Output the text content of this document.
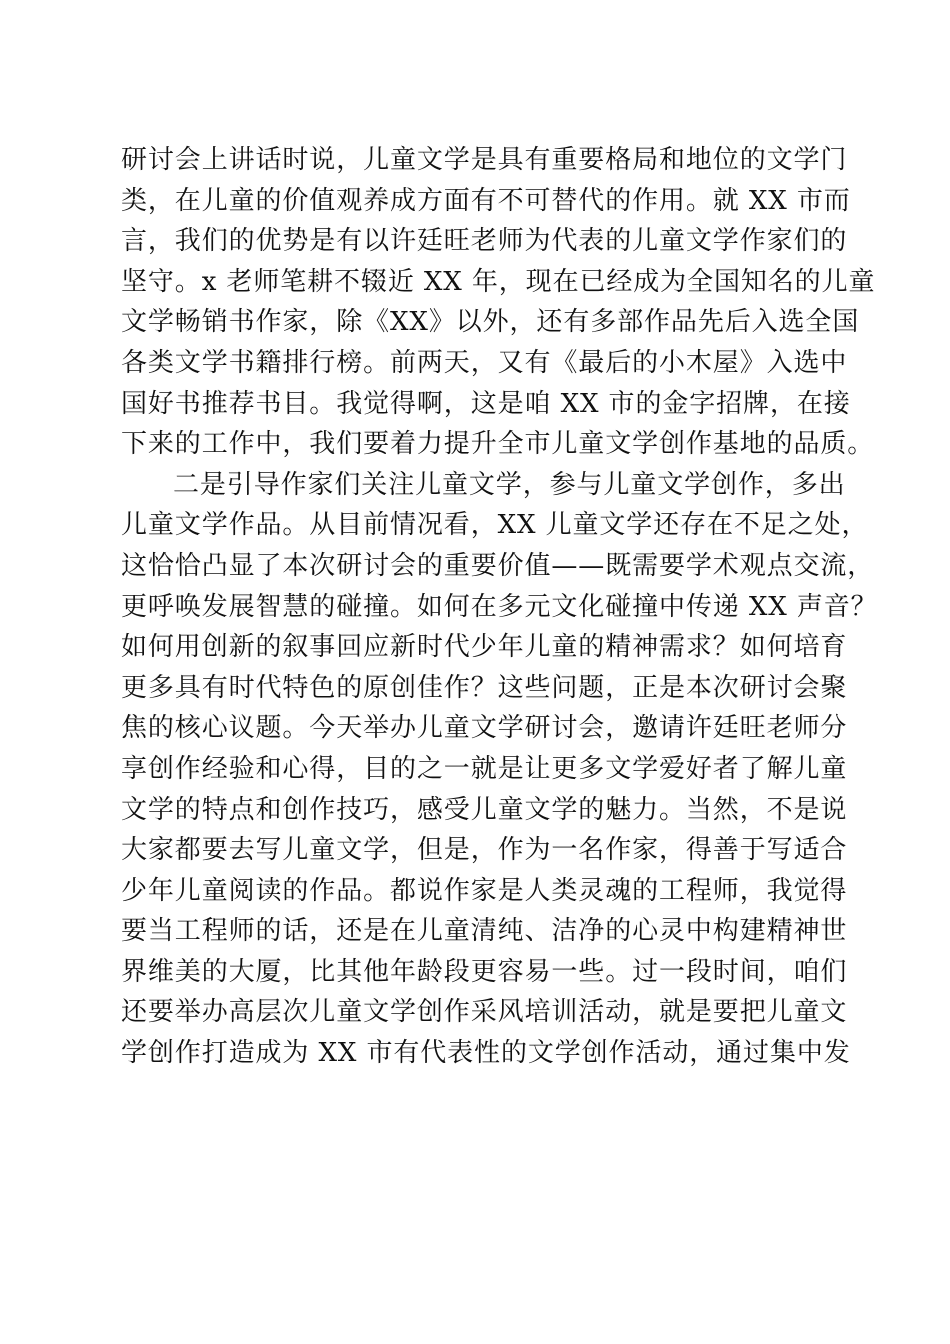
研讨会上讲话时说，儿童文学是具有重要格局和地位的文学门
类，在儿童的价值观养成方面有不可替代的作用。就 XX 市而
言，我们的优势是有以许廷旺老师为代表的儿童文学作家们的
坚守。x 老师笔耕不辍近 XX 年，现在已经成为全国知名的儿童
文学畅销书作家，除《XX》以外，还有多部作品先后入选全国
各类文学书籍排行榜。前两天，又有《最后的小木屋》入选中
国好书推荐书目。我觉得啊，这是咱 XX 市的金字招牌，在接
下来的工作中，我们要着力提升全市儿童文学创作基地的品质。
二是引导作家们关注儿童文学，参与儿童文学创作，多出
儿童文学作品。从目前情况看，XX 儿童文学还存在不足之处，
这恰恰凸显了本次研讨会的重要价值——既需要学术观点交流，
更呼唤发展智慧的碰撞。如何在多元文化碰撞中传递 XX 声音？
如何用创新的叙事回应新时代少年儿童的精神需求？如何培育
更多具有时代特色的原创佳作？这些问题，正是本次研讨会聚
焦的核心议题。今天举办儿童文学研讨会，邀请许廷旺老师分
享创作经验和心得，目的之一就是让更多文学爱好者了解儿童
文学的特点和创作技巧，感受儿童文学的魅力。当然，不是说
大家都要去写儿童文学，但是，作为一名作家，得善于写适合
少年儿童阅读的作品。都说作家是人类灵魂的工程师，我觉得
要当工程师的话，还是在儿童清纯、洁净的心灵中构建精神世
界维美的大厦，比其他年龄段更容易一些。过一段时间，咱们
还要举办高层次儿童文学创作采风培训活动，就是要把儿童文
学创作打造成为 XX 市有代表性的文学创作活动，通过集中发
